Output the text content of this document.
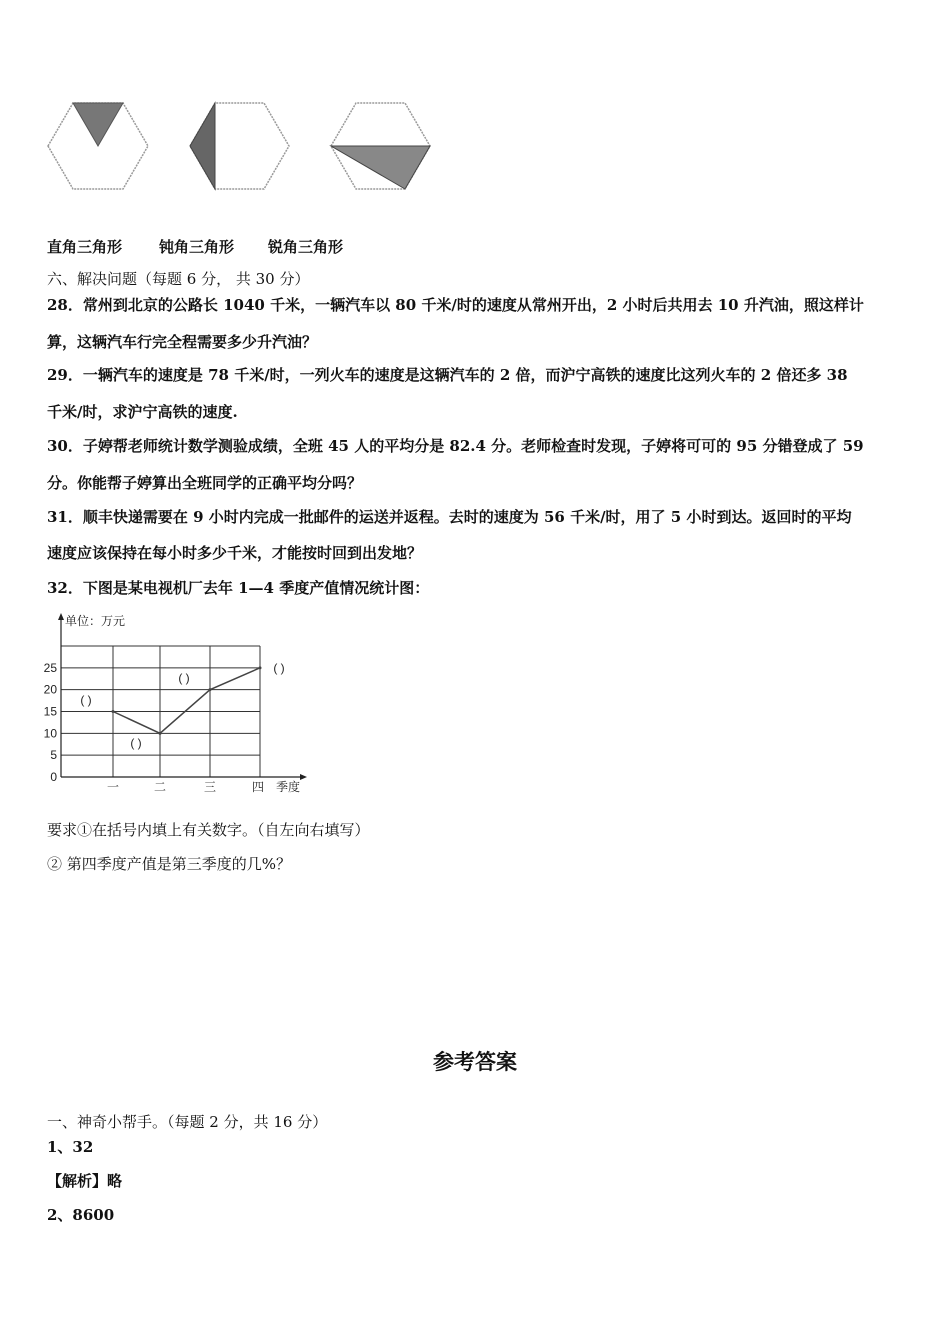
单位：万元
季度
0
5
10
15
20
25
一	二	三	四
( )
( )
( )
( )
直角三角形 钝角三角形 锐角三角形
六、解决问题（每题 6 分， 共 30 分）
28．常州到北京的公路长 1040 千米，一辆汽车以 80 千米/时的速度从常州开出，2 小时后共用去 10 升汽油，照这样计
算，这辆汽车行完全程需要多少升汽油？
29．一辆汽车的速度是 78 千米/时，一列火车的速度是这辆汽车的 2 倍，而沪宁高铁的速度比这列火车的 2 倍还多 38
千米/时，求沪宁高铁的速度.
30．子婷帮老师统计数学测验成绩，全班 45 人的平均分是 82.4 分。老师检查时发现，子婷将可可的 95 分错登成了 59
分。你能帮子婷算出全班同学的正确平均分吗？
31．顺丰快递需要在 9 小时内完成一批邮件的运送并返程。去时的速度为 56 千米/时，用了 5 小时到达。返回时的平均
速度应该保持在每小时多少千米，才能按时回到出发地？
32．下图是某电视机厂去年 1—4 季度产值情况统计图：
要求①在括号内填上有关数字。（自左向右填写）
② 第四季度产值是第三季度的几%？
参考答案
一、神奇小帮手。（每题 2 分，共 16 分）
1、32
【解析】略
2、8600
